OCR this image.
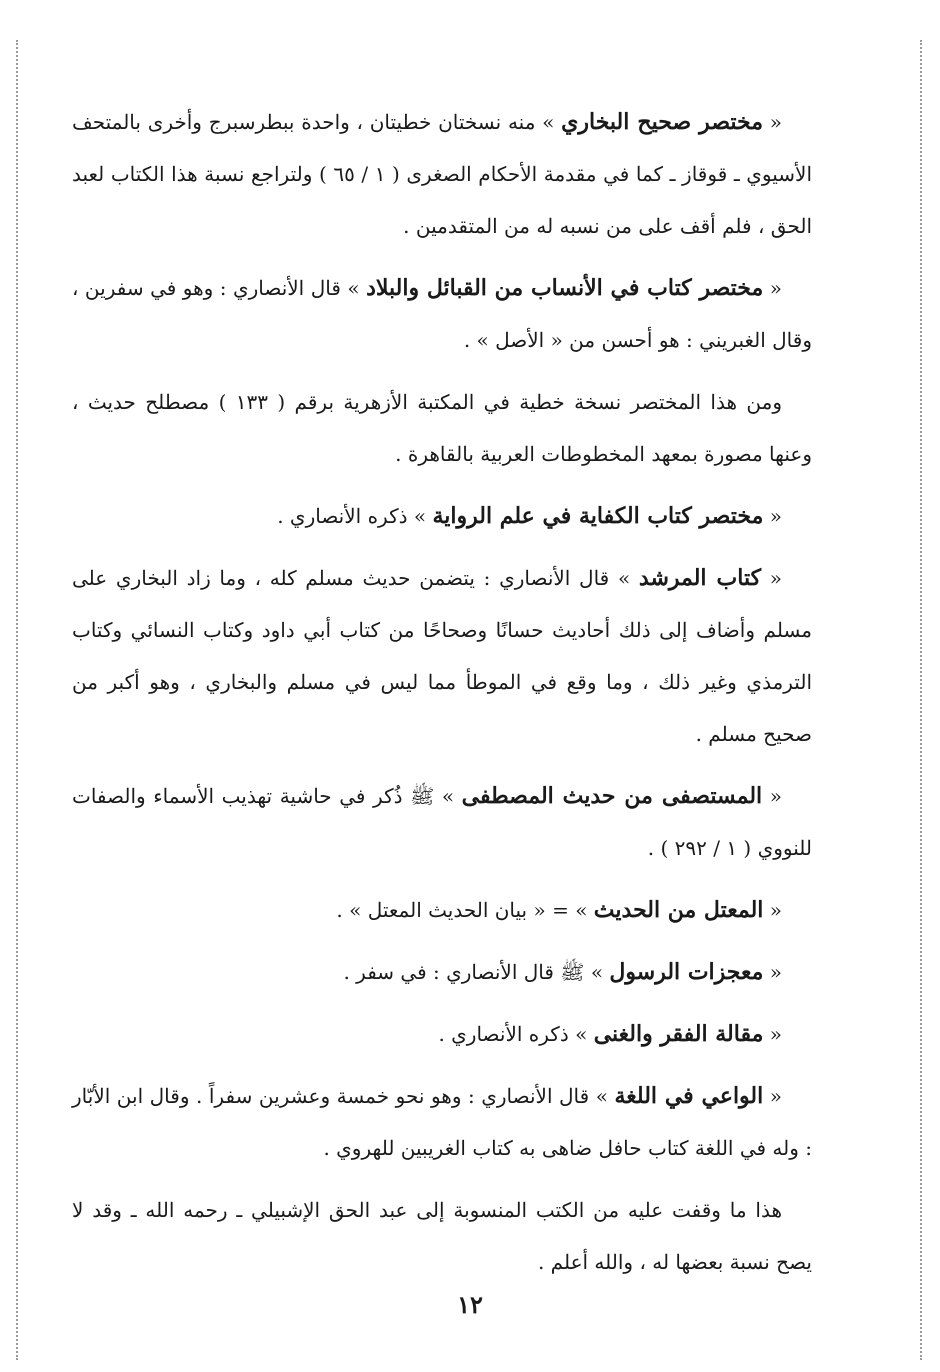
« مختصر صحيح البخاري » منه نسختان خطيتان ، واحدة ببطرسبرج وأخرى بالمتحف الأسيوي ـ قوقاز ـ كما في مقدمة الأحكام الصغرى ( ١ / ٦٥ ) ولتراجع نسبة هذا الكتاب لعبد الحق ، فلم أقف على من نسبه له من المتقدمين .

« مختصر كتاب في الأنساب من القبائل والبلاد » قال الأنصاري : وهو في سفرين ، وقال الغبريني : هو أحسن من « الأصل » .

ومن هذا المختصر نسخة خطية في المكتبة الأزهرية برقم ( ١٣٣ ) مصطلح حديث ، وعنها مصورة بمعهد المخطوطات العربية بالقاهرة .

« مختصر كتاب الكفاية في علم الرواية » ذكره الأنصاري .

« كتاب المرشد » قال الأنصاري : يتضمن حديث مسلم كله ، وما زاد البخاري على مسلم وأضاف إلى ذلك أحاديث حسانًا وصحاحًا من كتاب أبي داود وكتاب النسائي وكتاب الترمذي وغير ذلك ، وما وقع في الموطأ مما ليس في مسلم والبخاري ، وهو أكبر من صحيح مسلم .

« المستصفى من حديث المصطفى » ﷺ ذُكر في حاشية تهذيب الأسماء والصفات للنووي ( ١ / ٢٩٢ ) .

« المعتل من الحديث » = « بيان الحديث المعتل » .

« معجزات الرسول » ﷺ قال الأنصاري : في سفر .

« مقالة الفقر والغنى » ذكره الأنصاري .

« الواعي في اللغة » قال الأنصاري : وهو نحو خمسة وعشرين سفراً . وقال ابن الأبّار : وله في اللغة كتاب حافل ضاهى به كتاب الغريبين للهروي .

هذا ما وقفت عليه من الكتب المنسوبة إلى عبد الحق الإشبيلي ـ رحمه الله ـ وقد لا يصح نسبة بعضها له ، والله أعلم .

١٢
